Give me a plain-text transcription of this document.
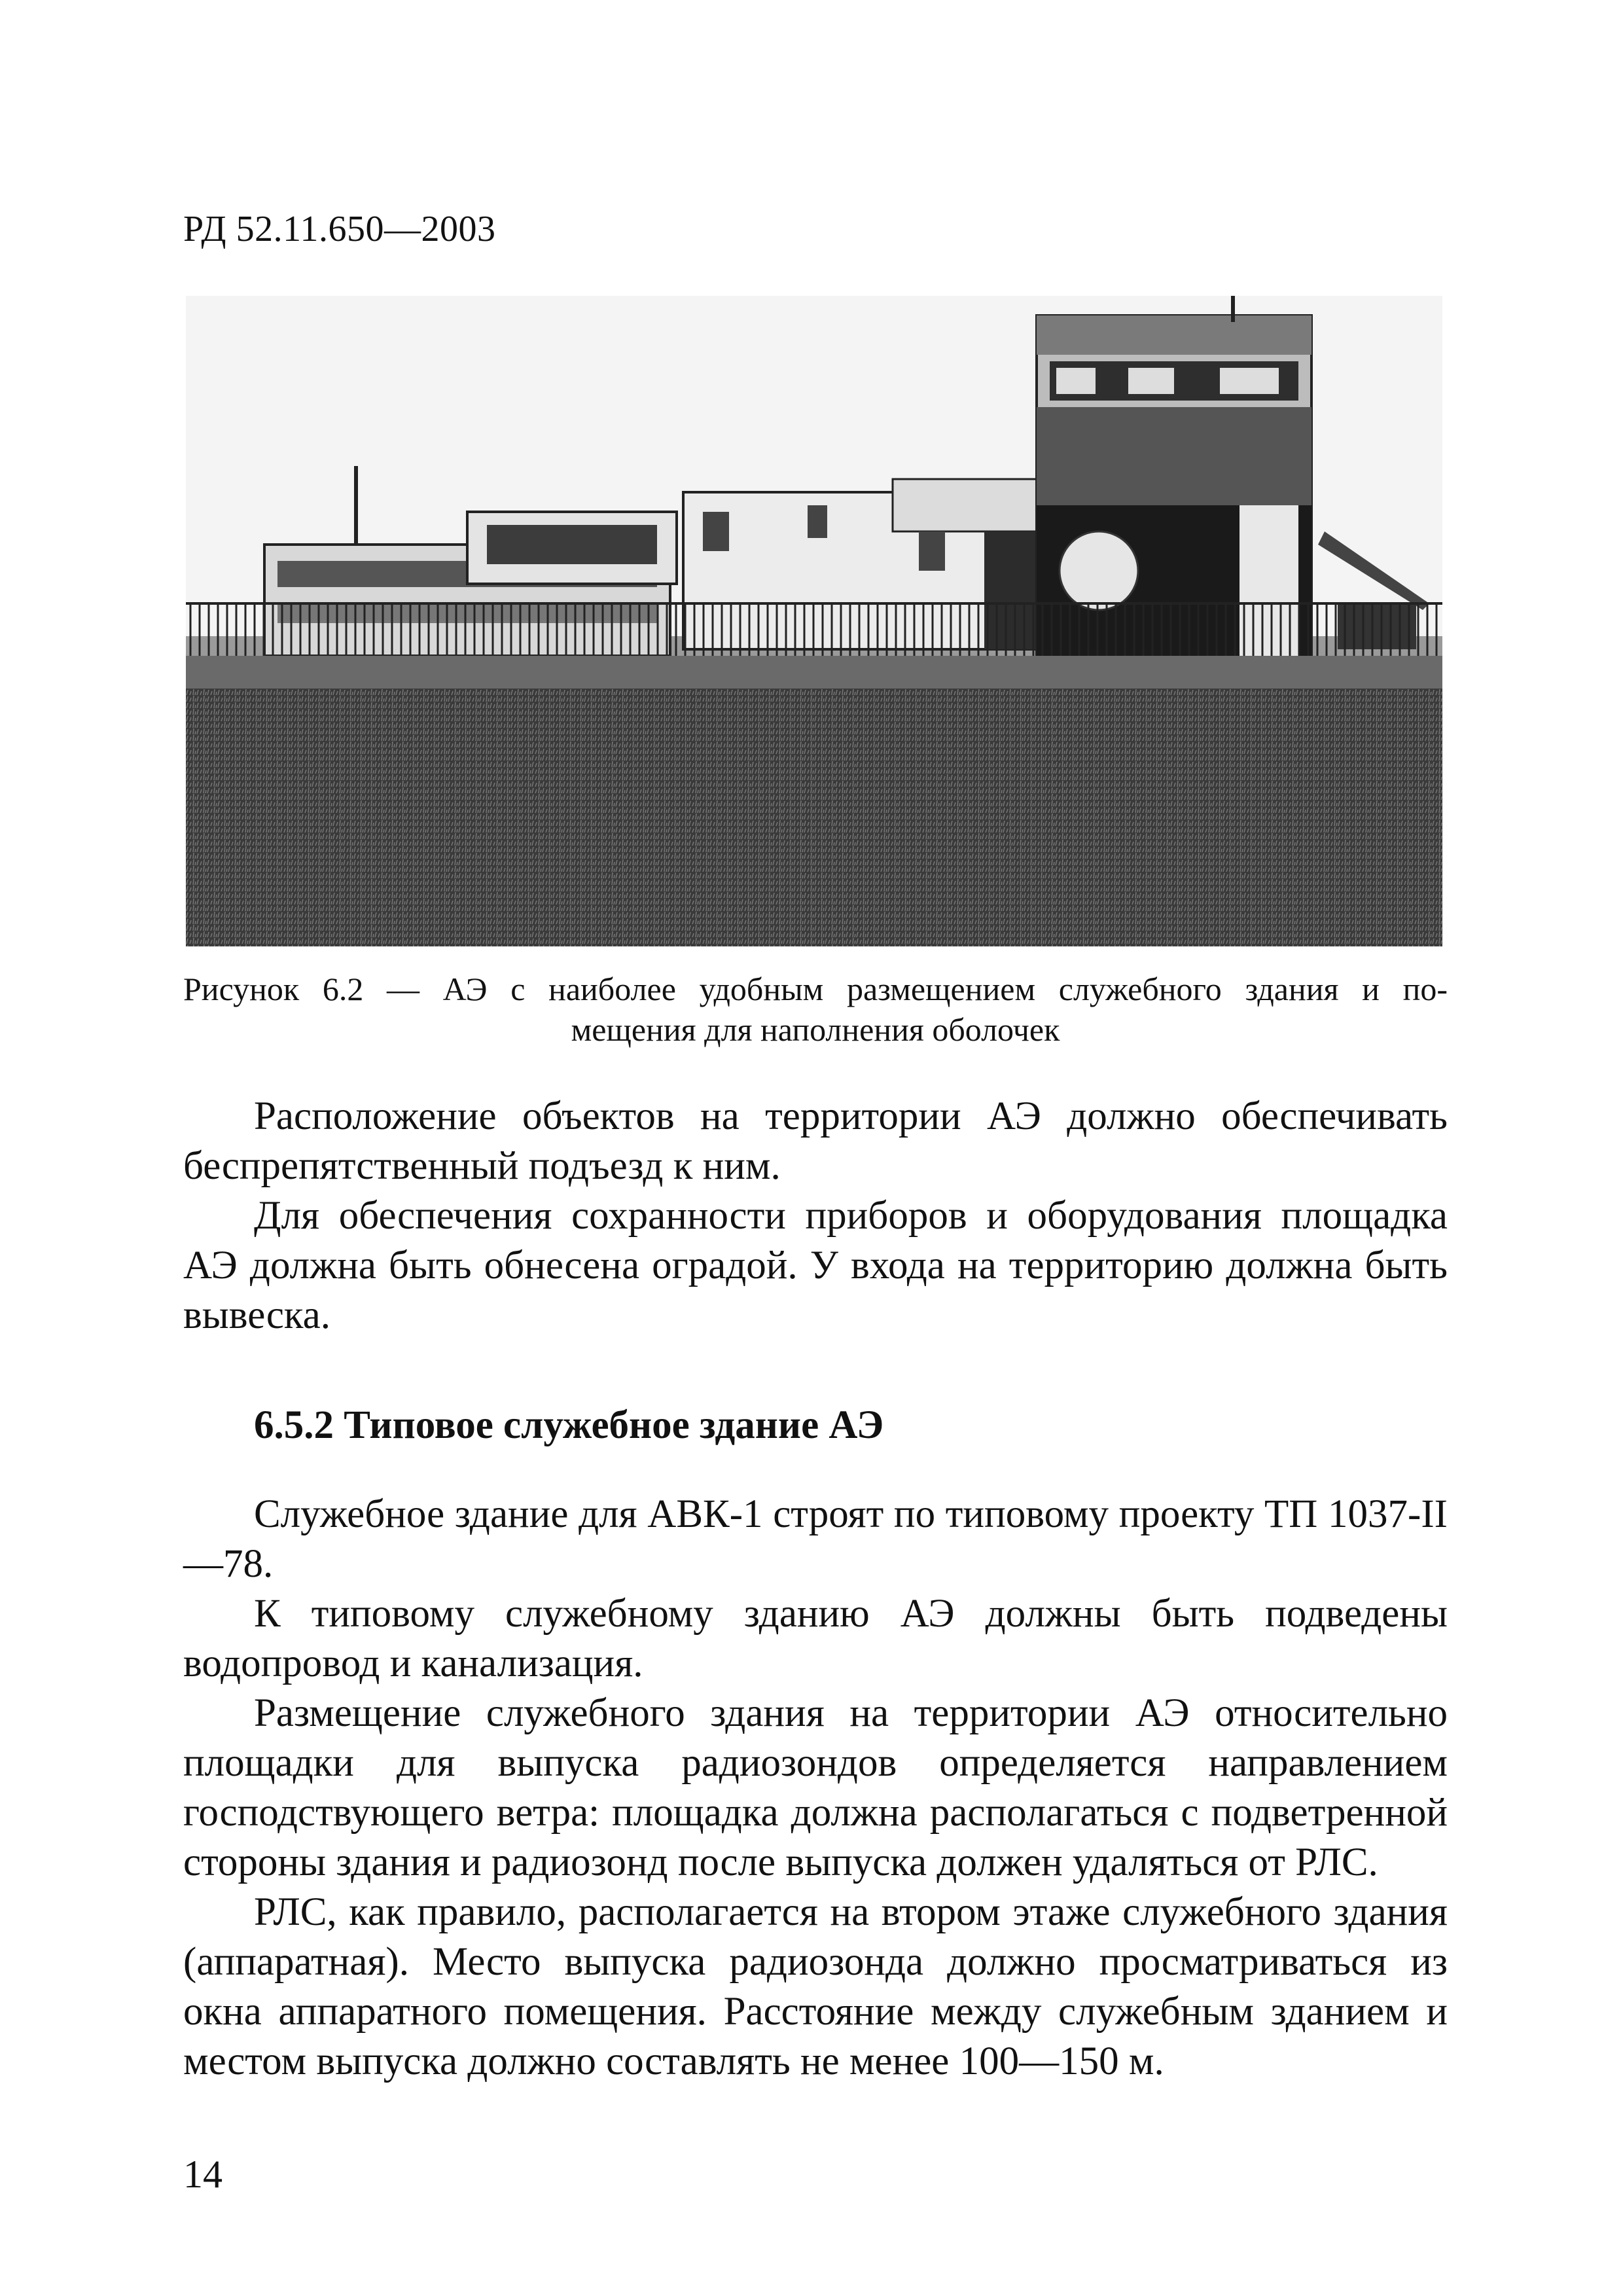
РД 52.11.650—2003
Рисунок 6.2 — АЭ с наиболее удобным размещением служебного здания и по-
мещения для наполнения оболочек

Расположение объектов на территории АЭ должно обеспечивать беспрепятственный подъезд к ним.

Для обеспечения сохранности приборов и оборудования площадка АЭ должна быть обнесена оградой. У входа на территорию должна быть вывеска.

6.5.2 Типовое служебное здание АЭ

Служебное здание для АВК-1 строят по типовому проекту ТП 1037-II—78.

К типовому служебному зданию АЭ должны быть подведены водопровод и канализация.

Размещение служебного здания на территории АЭ относительно площадки для выпуска радиозондов определяется направлением господствующего ветра: площадка должна располагаться с подветренной стороны здания и радиозонд после выпуска должен удаляться от РЛС.

РЛС, как правило, располагается на втором этаже служебного здания (аппаратная). Место выпуска радиозонда должно просматриваться из окна аппаратного помещения. Расстояние между служебным зданием и местом выпуска должно составлять не менее 100—150 м.

14
